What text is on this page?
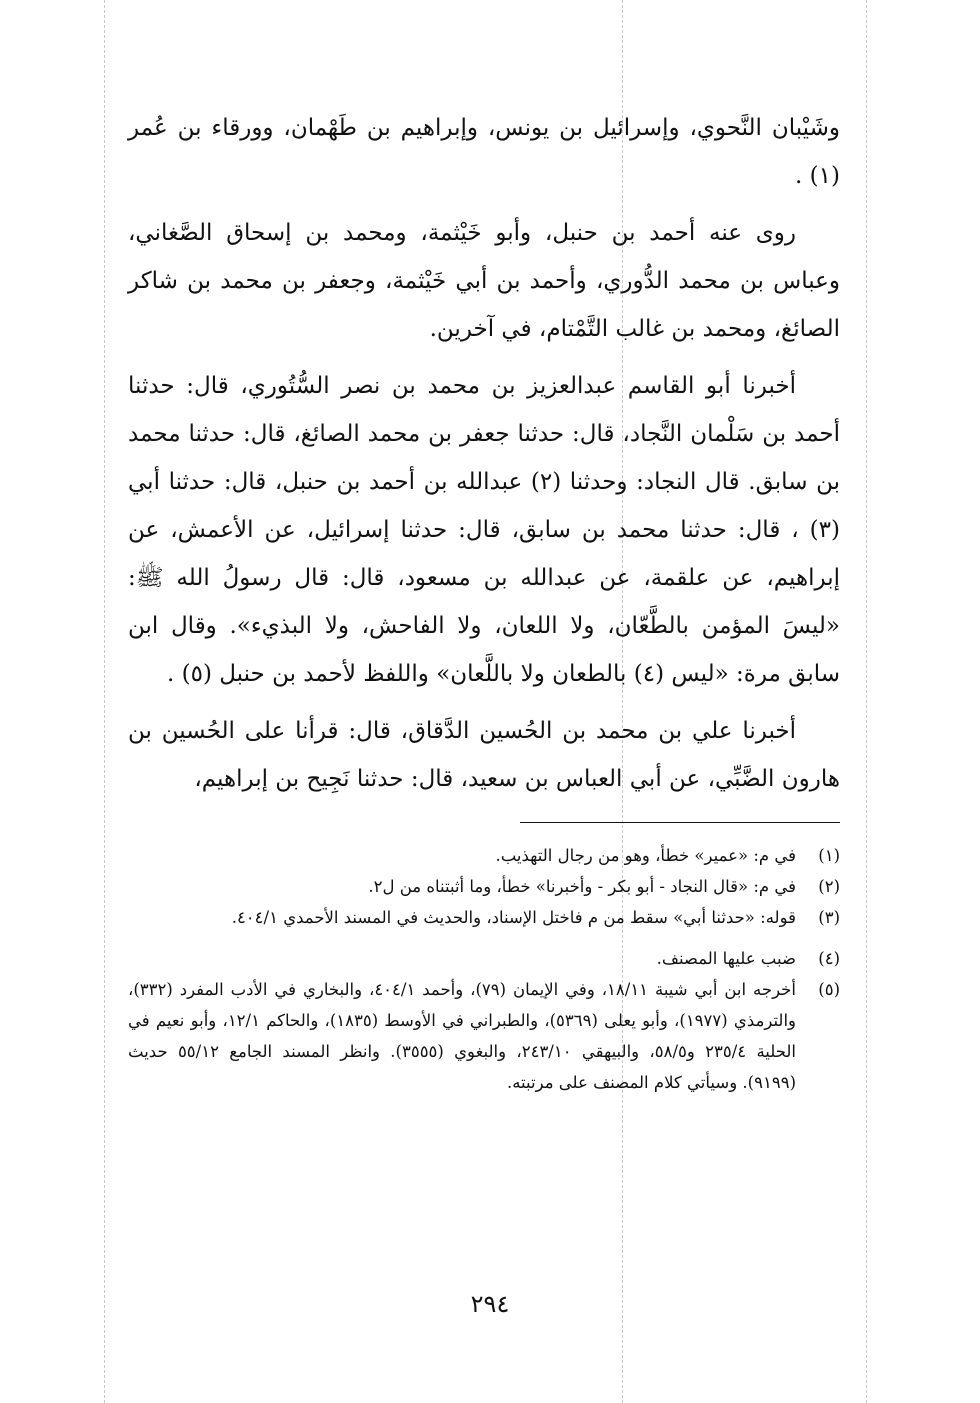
وشَيْبان النَّحوي، وإسرائيل بن يونس، وإبراهيم بن طَهْمان، وورقاء بن عُمر (١) .

روى عنه أحمد بن حنبل، وأبو خَيْثمة، ومحمد بن إسحاق الصَّغاني، وعباس بن محمد الدُّوري، وأحمد بن أبي خَيْثمة، وجعفر بن محمد بن شاكر الصائغ، ومحمد بن غالب التَّمْتام، في آخرين.

أخبرنا أبو القاسم عبدالعزيز بن محمد بن نصر السُّتُوري، قال: حدثنا أحمد بن سَلْمان النَّجاد، قال: حدثنا جعفر بن محمد الصائغ، قال: حدثنا محمد بن سابق. قال النجاد: وحدثنا (٢) عبدالله بن أحمد بن حنبل، قال: حدثنا أبي (٣) ، قال: حدثنا محمد بن سابق، قال: حدثنا إسرائيل، عن الأعمش، عن إبراهيم، عن علقمة، عن عبدالله بن مسعود، قال: قال رسولُ الله ﷺ: «ليسَ المؤمن بالطَّعّان، ولا اللعان، ولا الفاحش، ولا البذيء». وقال ابن سابق مرة: «ليس (٤) بالطعان ولا باللَّعان» واللفظ لأحمد بن حنبل (٥) .

أخبرنا علي بن محمد بن الحُسين الدَّقاق، قال: قرأنا على الحُسين بن هارون الضَّبِّي، عن أبي العباس بن سعيد، قال: حدثنا نَجِيح بن إبراهيم،

(١)
في م: «عمير» خطأ، وهو من رجال التهذيب.
(٢)
في م: «قال النجاد - أبو بكر - وأخبرنا» خطأ، وما أثبتناه من ل٢.
(٣)
قوله: «حدثنا أبي» سقط من م فاختل الإسناد، والحديث في المسند الأحمدي ٤٠٤/١.
(٤)
ضبب عليها المصنف.
(٥)
أخرجه ابن أبي شيبة ١٨/١١، وفي الإيمان (٧٩)، وأحمد ٤٠٤/١، والبخاري في الأدب المفرد (٣٣٢)، والترمذي (١٩٧٧)، وأبو يعلى (٥٣٦٩)، والطبراني في الأوسط (١٨٣٥)، والحاكم ١٢/١، وأبو نعيم في الحلية ٢٣٥/٤ و٥٨/٥، والبيهقي ٢٤٣/١٠، والبغوي (٣٥٥٥). وانظر المسند الجامع ٥٥/١٢ حديث (٩١٩٩). وسيأتي كلام المصنف على مرتبته.
٢٩٤
